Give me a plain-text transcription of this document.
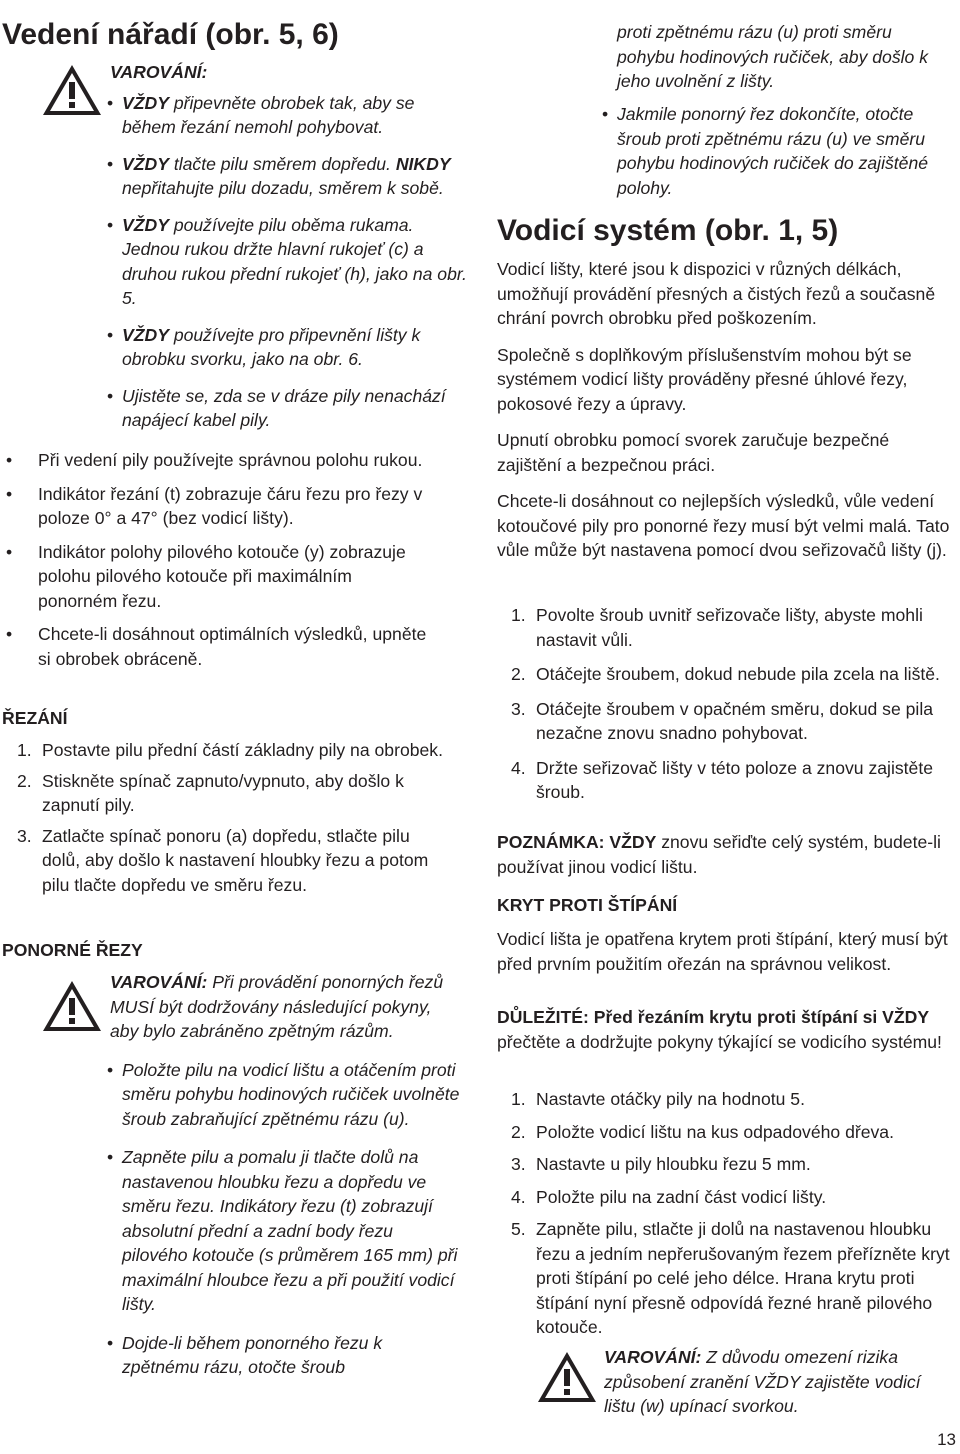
Vedení nářadí (obr. 5, 6)
VAROVÁNÍ:
• VŽDY připevněte obrobek tak, aby se během řezání nemohl pohybovat.
• VŽDY tlačte pilu směrem dopředu. NIKDY nepřitahujte pilu dozadu, směrem k sobě.
• VŽDY používejte pilu oběma rukama. Jednou rukou držte hlavní rukojeť (c) a druhou rukou přední rukojeť (h), jako na obr. 5.
• VŽDY používejte pro připevnění lišty k obrobku svorku, jako na obr. 6.
• Ujistěte se, zda se v dráze pily nenachází napájecí kabel pily.
• Při vedení pily používejte správnou polohu rukou.
• Indikátor řezání (t) zobrazuje čáru řezu pro řezy v poloze 0° a 47° (bez vodicí lišty).
• Indikátor polohy pilového kotouče (y) zobrazuje polohu pilového kotouče při maximálním ponorném řezu.
• Chcete-li dosáhnout optimálních výsledků, upněte si obrobek obráceně.
ŘEZÁNÍ
1. Postavte pilu přední částí základny pily na obrobek.
2. Stiskněte spínač zapnuto/vypnuto, aby došlo k zapnutí pily.
3. Zatlačte spínač ponoru (a) dopředu, stlačte pilu dolů, aby došlo k nastavení hloubky řezu a potom pilu tlačte dopředu ve směru řezu.
PONORNÉ ŘEZY
VAROVÁNÍ: Při provádění ponorných řezů MUSÍ být dodržovány následující pokyny, aby bylo zabráněno zpětným rázům.
• Položte pilu na vodicí lištu a otáčením proti směru pohybu hodinových ručiček uvolněte šroub zabraňující zpětnému rázu (u).
• Zapněte pilu a pomalu ji tlačte dolů na nastavenou hloubku řezu a dopředu ve směru řezu. Indikátory řezu (t) zobrazují absolutní přední a zadní body řezu pilového kotouče (s průměrem 165 mm) při maximální hloubce řezu a při použití vodicí lišty.
• Dojde-li během ponorného řezu k zpětnému rázu, otočte šroub
proti zpětnému rázu (u) proti směru pohybu hodinových ručiček, aby došlo k jeho uvolnění z lišty.
• Jakmile ponorný řez dokončíte, otočte šroub proti zpětnému rázu (u) ve směru pohybu hodinových ručiček do zajištěné polohy.
Vodicí systém (obr. 1, 5)

Vodicí lišty, které jsou k dispozici v různých délkách, umožňují provádění přesných a čistých řezů a současně chrání povrch obrobku před poškozením.

Společně s doplňkovým příslušenstvím mohou být se systémem vodicí lišty prováděny přesné úhlové řezy, pokosové řezy a úpravy.

Upnutí obrobku pomocí svorek zaručuje bezpečné zajištění a bezpečnou práci.

Chcete-li dosáhnout co nejlepších výsledků, vůle vedení kotoučové pily pro ponorné řezy musí být velmi malá. Tato vůle může být nastavena pomocí dvou seřizovačů lišty (j).

1. Povolte šroub uvnitř seřizovače lišty, abyste mohli nastavit vůli.
2. Otáčejte šroubem, dokud nebude pila zcela na liště.
3. Otáčejte šroubem v opačném směru, dokud se pila nezačne znovu snadno pohybovat.
4. Držte seřizovač lišty v této poloze a znovu zajistěte šroub.

POZNÁMKA: VŽDY znovu seřiďte celý systém, budete-li používat jinou vodicí lištu.

KRYT PROTI ŠTÍPÁNÍ

Vodicí lišta je opatřena krytem proti štípání, který musí být před prvním použitím ořezán na správnou velikost.

DŮLEŽITÉ: Před řezáním krytu proti štípání si VŽDY přečtěte a dodržujte pokyny týkající se vodicího systému!

1. Nastavte otáčky pily na hodnotu 5.
2. Položte vodicí lištu na kus odpadového dřeva.
3. Nastavte u pily hloubku řezu 5 mm.
4. Položte pilu na zadní část vodicí lišty.
5. Zapněte pilu, stlačte ji dolů na nastavenou hloubku řezu a jedním nepřerušovaným řezem přeřízněte kryt proti štípání po celé jeho délce. Hrana krytu proti štípání nyní přesně odpovídá řezné hraně pilového kotouče.
VAROVÁNÍ: Z důvodu omezení rizika způsobení zranění VŽDY zajistěte vodicí lištu (w) upínací svorkou.
13
